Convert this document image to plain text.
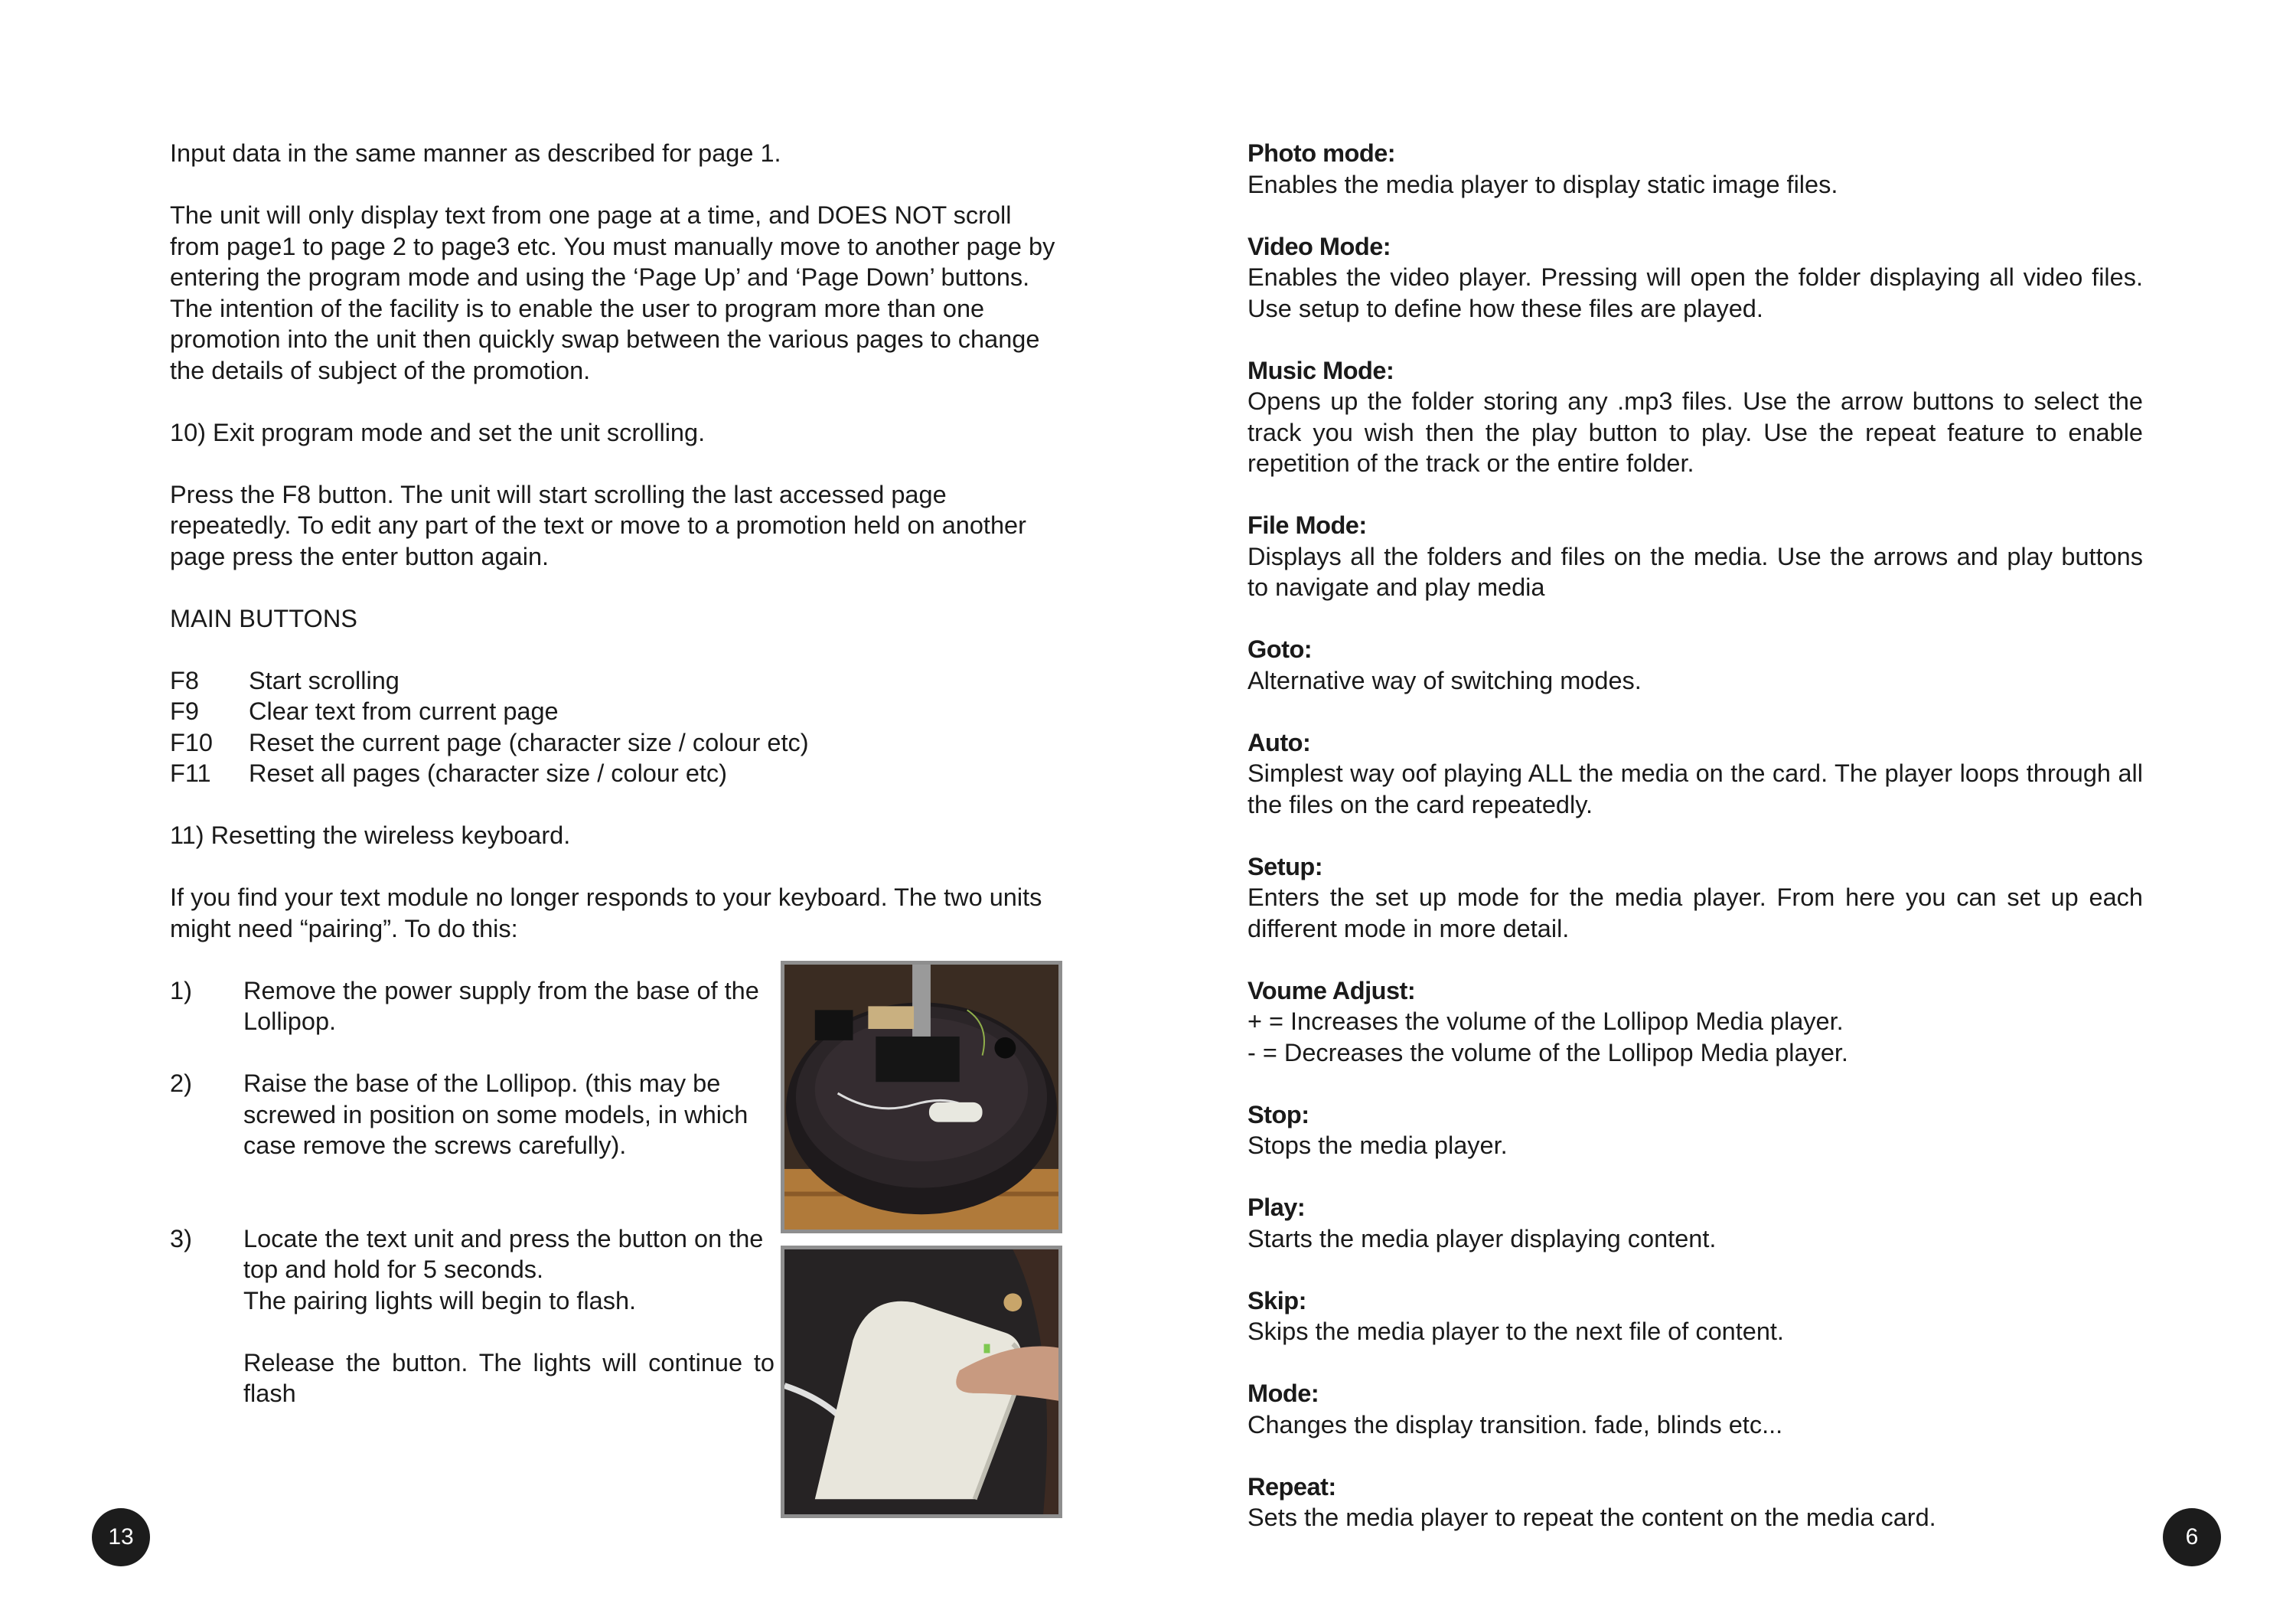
Input data in the same manner as described for page 1.

The unit will only display text from one page at a time, and DOES NOT scroll from page1 to page 2 to page3 etc. You must manually move to another page by entering the program mode and using the ‘Page Up’ and ‘Page Down’ buttons. The intention of the facility is to enable the user to program more than one promotion into the unit then quickly swap between the various pages to change the details of subject of the promotion.

10) Exit program mode and set the unit scrolling.

Press the F8 button. The unit will start scrolling the last accessed page repeatedly. To edit any part of the text or move to a promotion held on another page press the enter button again.

MAIN BUTTONS

F8	Start scrolling
F9	Clear text from current page
F10	Reset the current page (character size / colour etc)
F11	Reset all pages (character size / colour etc)

11) Resetting the wireless keyboard.

If you find your text module no longer responds to your keyboard. The two units might need “pairing”. To do this:

1)	Remove the power supply from the base of the Lollipop.
2)	Raise the base of the Lollipop. (this may be screwed in position on some models, in which case remove the screws carefully).
3)	Locate the text unit and press the button on the top and hold for 5 seconds.

The pairing lights will begin to flash.

Release the button. The lights will continue to flash

13

Photo mode:

Enables the media player to display static image files.

Video Mode:

Enables the video player. Pressing will open the folder displaying all video files. Use setup to define how these files are played.

Music Mode:

Opens up the folder storing any .mp3 files. Use the arrow buttons to select the track you wish then the play button to play. Use the repeat feature to enable repetition of the track or the entire folder.

File Mode:

Displays all the folders and files on the media. Use the arrows and play buttons to navigate and play media

Goto:

Alternative way of switching modes.

Auto:

Simplest way oof playing ALL the media on the card. The player loops through all the files on the card repeatedly.

Setup:

Enters the set up mode for the media player. From here you can set up each different mode in more detail.

Voume Adjust:

+ = Increases the volume of the Lollipop Media player.

- = Decreases the volume of the Lollipop Media player.

Stop:

Stops the media player.

Play:

Starts the media player displaying content.

Skip:

Skips the media player to the next file of content.

Mode:

Changes the display transition. fade, blinds etc...

Repeat:

Sets the media player to repeat the content on the media card.

6
